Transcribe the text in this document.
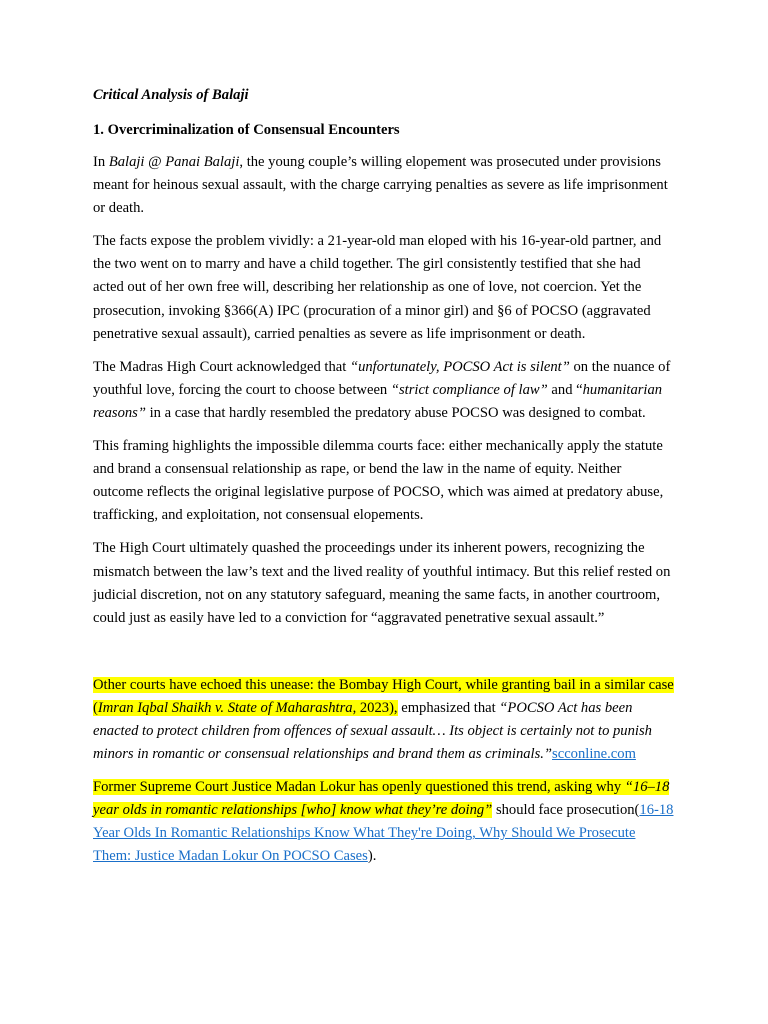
Critical Analysis of Balaji
1. Overcriminalization of Consensual Encounters

In Balaji @ Panai Balaji, the young couple’s willing elopement was prosecuted under provisions meant for heinous sexual assault, with the charge carrying penalties as severe as life imprisonment or death.

The facts expose the problem vividly: a 21-year-old man eloped with his 16-year-old partner, and the two went on to marry and have a child together. The girl consistently testified that she had acted out of her own free will, describing her relationship as one of love, not coercion. Yet the prosecution, invoking §366(A) IPC (procuration of a minor girl) and §6 of POCSO (aggravated penetrative sexual assault), carried penalties as severe as life imprisonment or death.

The Madras High Court acknowledged that “unfortunately, POCSO Act is silent” on the nuance of youthful love, forcing the court to choose between “strict compliance of law” and “humanitarian reasons” in a case that hardly resembled the predatory abuse POCSO was designed to combat.

This framing highlights the impossible dilemma courts face: either mechanically apply the statute and brand a consensual relationship as rape, or bend the law in the name of equity. Neither outcome reflects the original legislative purpose of POCSO, which was aimed at predatory abuse, trafficking, and exploitation, not consensual elopements.

The High Court ultimately quashed the proceedings under its inherent powers, recognizing the mismatch between the law’s text and the lived reality of youthful intimacy. But this relief rested on judicial discretion, not on any statutory safeguard, meaning the same facts, in another courtroom, could just as easily have led to a conviction for “aggravated penetrative sexual assault.”

Other courts have echoed this unease: the Bombay High Court, while granting bail in a similar case (Imran Iqbal Shaikh v. State of Maharashtra, 2023), emphasized that “POCSO Act has been enacted to protect children from offences of sexual assault… Its object is certainly not to punish minors in romantic or consensual relationships and brand them as criminals.”scconline.com

Former Supreme Court Justice Madan Lokur has openly questioned this trend, asking why “16–18 year olds in romantic relationships [who] know what they’re doing” should face prosecution(16-18 Year Olds In Romantic Relationships Know What They're Doing, Why Should We Prosecute Them: Justice Madan Lokur On POCSO Cases).
